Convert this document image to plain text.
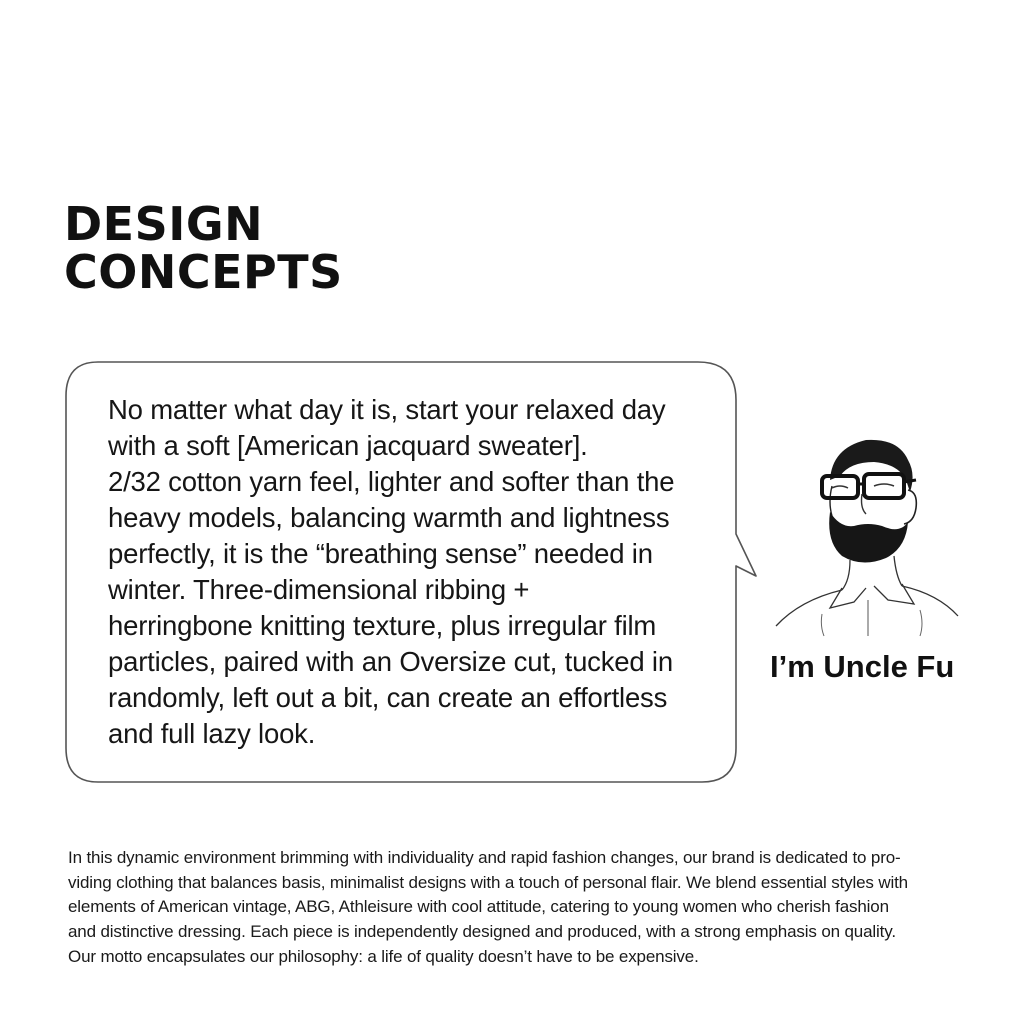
DESIGN
CONCEPTS
No matter what day it is, start your relaxed day
with a soft [American jacquard sweater].
2/32 cotton yarn feel, lighter and softer than the
heavy models, balancing warmth and lightness
perfectly, it is the “breathing sense” needed in
winter. Three-dimensional ribbing +
herringbone knitting texture, plus irregular film
particles, paired with an Oversize cut, tucked in
randomly, left out a bit, can create an effortless
and full lazy look.
I’m Uncle Fu
In this dynamic environment brimming with individuality and rapid fashion changes, our brand is dedicated to pro-
viding clothing that balances basis, minimalist designs with a touch of personal flair. We blend essential styles with
elements of American vintage, ABG, Athleisure with cool attitude, catering to young women who cherish fashion
and distinctive dressing. Each piece is independently designed and produced, with a strong emphasis on quality.
Our motto encapsulates our philosophy: a life of quality doesn’t have to be expensive.
